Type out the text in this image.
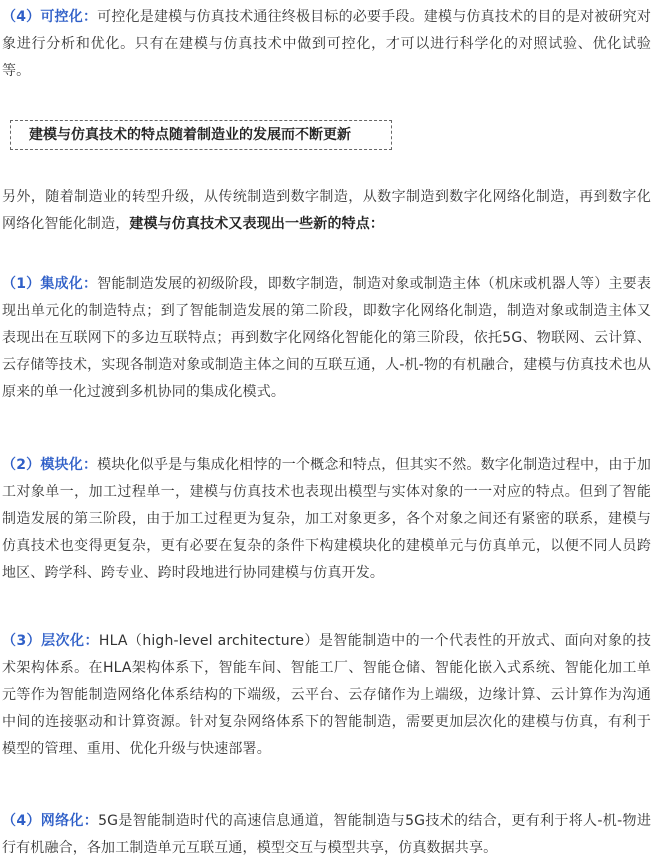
（4）可控化：可控化是建模与仿真技术通往终极目标的必要手段。建模与仿真技术的目的是对被研究对象进行分析和优化。只有在建模与仿真技术中做到可控化，才可以进行科学化的对照试验、优化试验等。

建模与仿真技术的特点随着制造业的发展而不断更新

另外，随着制造业的转型升级，从传统制造到数字制造，从数字制造到数字化网络化制造，再到数字化网络化智能化制造，建模与仿真技术又表现出一些新的特点：

（1）集成化：智能制造发展的初级阶段，即数字制造，制造对象或制造主体（机床或机器人等）主要表现出单元化的制造特点；到了智能制造发展的第二阶段，即数字化网络化制造，制造对象或制造主体又表现出在互联网下的多边互联特点；再到数字化网络化智能化的第三阶段，依托5G、物联网、云计算、云存储等技术，实现各制造对象或制造主体之间的互联互通，人-机-物的有机融合，建模与仿真技术也从原来的单一化过渡到多机协同的集成化模式。

（2）模块化：模块化似乎是与集成化相悖的一个概念和特点，但其实不然。数字化制造过程中，由于加工对象单一，加工过程单一，建模与仿真技术也表现出模型与实体对象的一一对应的特点。但到了智能制造发展的第三阶段，由于加工过程更为复杂，加工对象更多，各个对象之间还有紧密的联系，建模与仿真技术也变得更复杂，更有必要在复杂的条件下构建模块化的建模单元与仿真单元，以便不同人员跨地区、跨学科、跨专业、跨时段地进行协同建模与仿真开发。

（3）层次化：HLA（high-level architecture）是智能制造中的一个代表性的开放式、面向对象的技术架构体系。在HLA架构体系下，智能车间、智能工厂、智能仓储、智能化嵌入式系统、智能化加工单元等作为智能制造网络化体系结构的下端级，云平台、云存储作为上端级，边缘计算、云计算作为沟通中间的连接驱动和计算资源。针对复杂网络体系下的智能制造，需要更加层次化的建模与仿真，有利于模型的管理、重用、优化升级与快速部署。

（4）网络化：5G是智能制造时代的高速信息通道，智能制造与5G技术的结合，更有利于将人-机-物进行有机融合，各加工制造单元互联互通，模型交互与模型共享，仿真数据共享。
